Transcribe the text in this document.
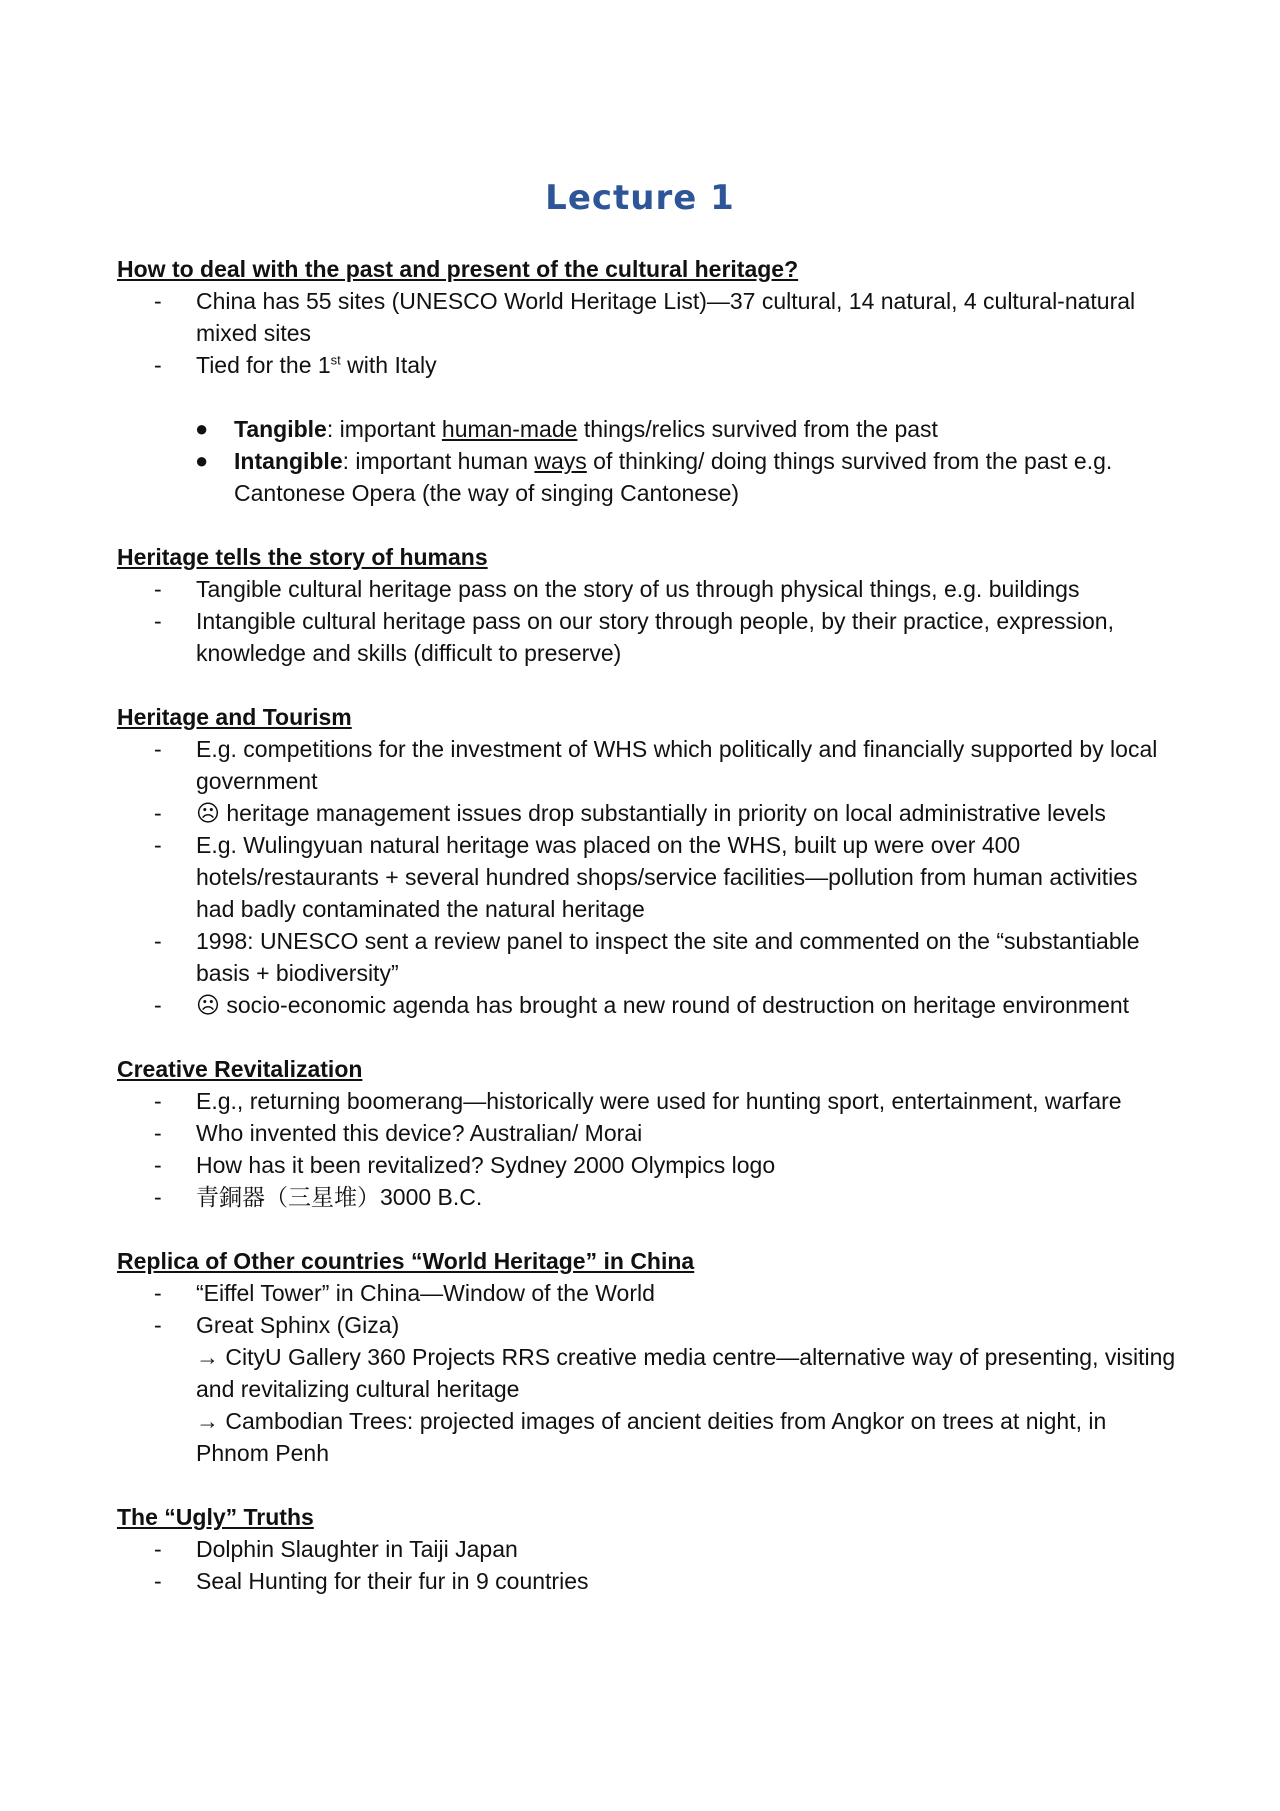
Lecture 1

How to deal with the past and present of the cultural heritage?

- China has 55 sites (UNESCO World Heritage List)—37 cultural, 14 natural, 4 cultural-natural mixed sites
- Tied for the 1st with Italy
● Tangible: important human-made things/relics survived from the past
● Intangible: important human ways of thinking/ doing things survived from the past e.g. Cantonese Opera (the way of singing Cantonese)

Heritage tells the story of humans

- Tangible cultural heritage pass on the story of us through physical things, e.g. buildings
- Intangible cultural heritage pass on our story through people, by their practice, expression, knowledge and skills (difficult to preserve)

Heritage and Tourism

- E.g. competitions for the investment of WHS which politically and financially supported by local government
- ☹ heritage management issues drop substantially in priority on local administrative levels
- E.g. Wulingyuan natural heritage was placed on the WHS, built up were over 400 hotels/restaurants + several hundred shops/service facilities—pollution from human activities had badly contaminated the natural heritage
- 1998: UNESCO sent a review panel to inspect the site and commented on the “substantiable basis + biodiversity”
- ☹ socio-economic agenda has brought a new round of destruction on heritage environment

Creative Revitalization

- E.g., returning boomerang—historically were used for hunting sport, entertainment, warfare
- Who invented this device? Australian/ Morai
- How has it been revitalized? Sydney 2000 Olympics logo
- 青銅器（三星堆）3000 B.C.

Replica of Other countries “World Heritage” in China

- “Eiffel Tower” in China—Window of the World
- Great Sphinx (Giza)
→ CityU Gallery 360 Projects RRS creative media centre—alternative way of presenting, visiting and revitalizing cultural heritage
→ Cambodian Trees: projected images of ancient deities from Angkor on trees at night, in Phnom Penh

The “Ugly” Truths

- Dolphin Slaughter in Taiji Japan
- Seal Hunting for their fur in 9 countries
